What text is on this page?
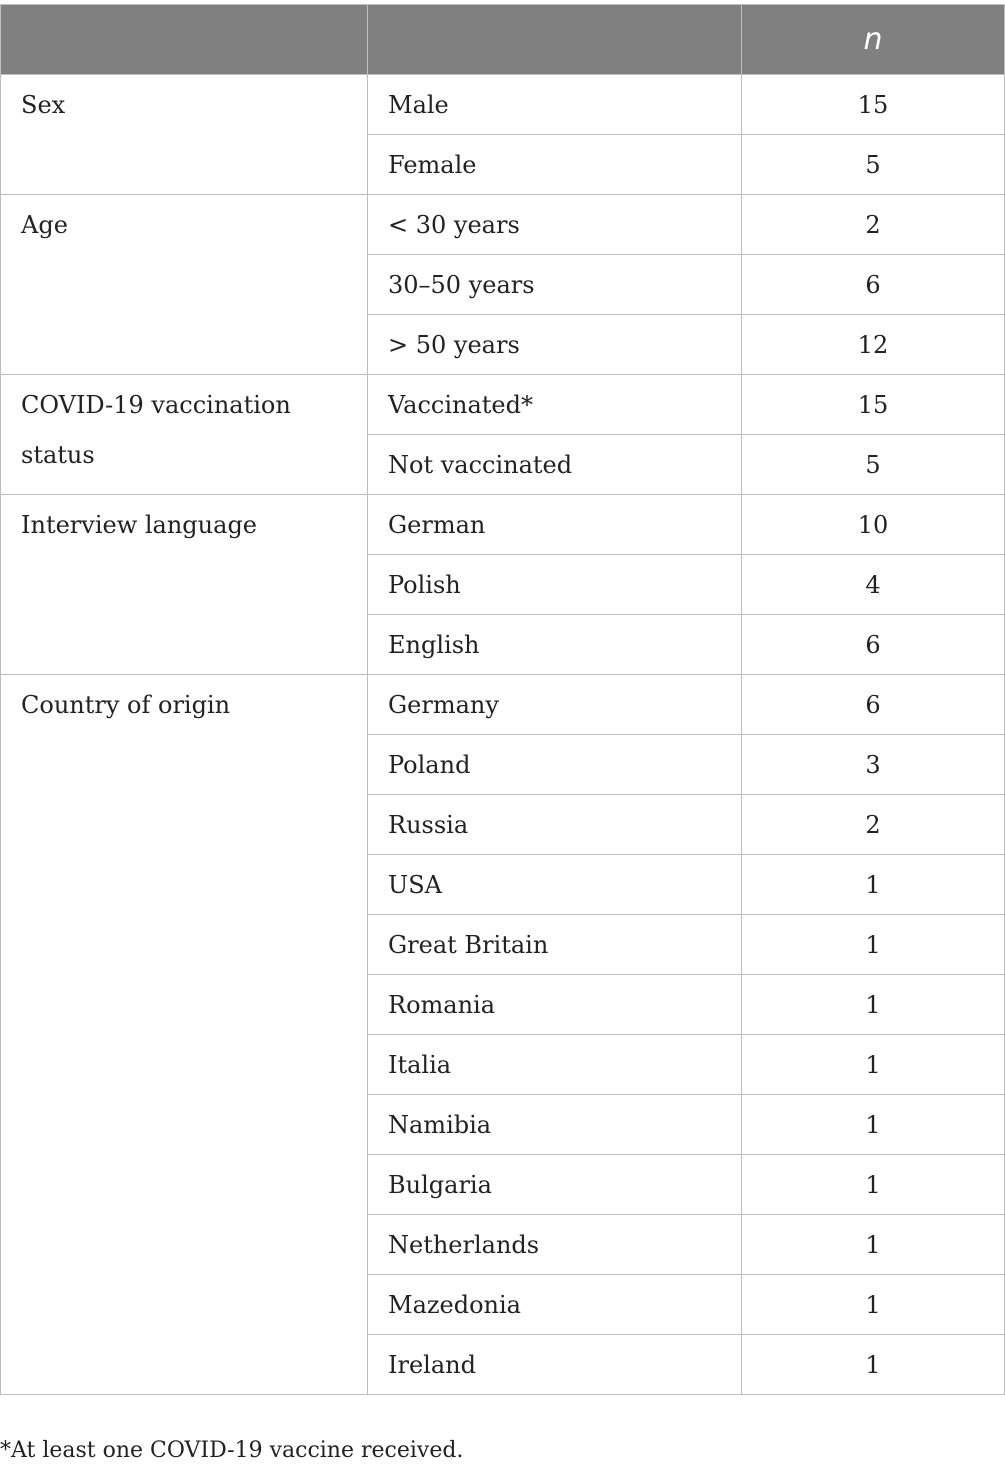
		n
Sex	Male	15
	Female	5
Age	< 30 years	2
	30–50 years	6
	> 50 years	12
COVID-19 vaccination status	Vaccinated*	15
	Not vaccinated	5
Interview language	German	10
	Polish	4
	English	6
Country of origin	Germany	6
	Poland	3
	Russia	2
	USA	1
	Great Britain	1
	Romania	1
	Italia	1
	Namibia	1
	Bulgaria	1
	Netherlands	1
	Mazedonia	1
	Ireland	1
*At least one COVID-19 vaccine received.
